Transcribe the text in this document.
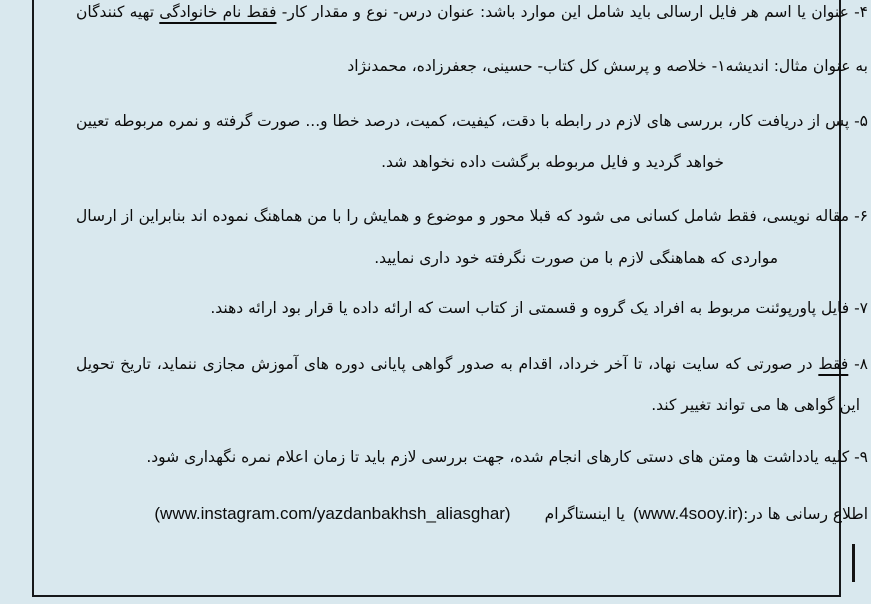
۴- عنوان یا اسم هر فایل ارسالی باید شامل این موارد باشد: عنوان درس- نوع و مقدار کار- فقط نام خانوادگی تهیه کنندگان
به عنوان مثال: اندیشه۱- خلاصه و پرسش کل کتاب- حسینی، جعفرزاده، محمدنژاد
۵- پس از دریافت کار، بررسی های لازم در رابطه با دقت، کیفیت، کمیت، درصد خطا و... صورت گرفته و نمره مربوطه تعیین
خواهد گردید و فایل مربوطه برگشت داده نخواهد شد.
۶- مقاله نویسی، فقط شامل کسانی می شود که قبلا محور و موضوع و همایش را با من هماهنگ نموده اند بنابراین از ارسال
مواردی که هماهنگی لازم با من صورت نگرفته خود داری نمایید.
۷- فایل پاورپوئنت مربوط به افراد یک گروه و قسمتی از کتاب است که ارائه داده یا قرار بود ارائه دهند.
۸- فقط در صورتی که سایت نهاد، تا آخر خرداد، اقدام به صدور گواهی پایانی دوره های آموزش مجازی ننماید، تاریخ تحویل
این گواهی ها می تواند تغییر کند.
۹- کلیه یادداشت ها ومتن های دستی کارهای انجام شده، جهت بررسی لازم باید تا زمان اعلام نمره نگهداری شود.
اطلاع رسانی ها در:
(www.4sooy.ir)
یا اینستاگرام
(www.instagram.com/yazdanbakhsh_aliasghar)
